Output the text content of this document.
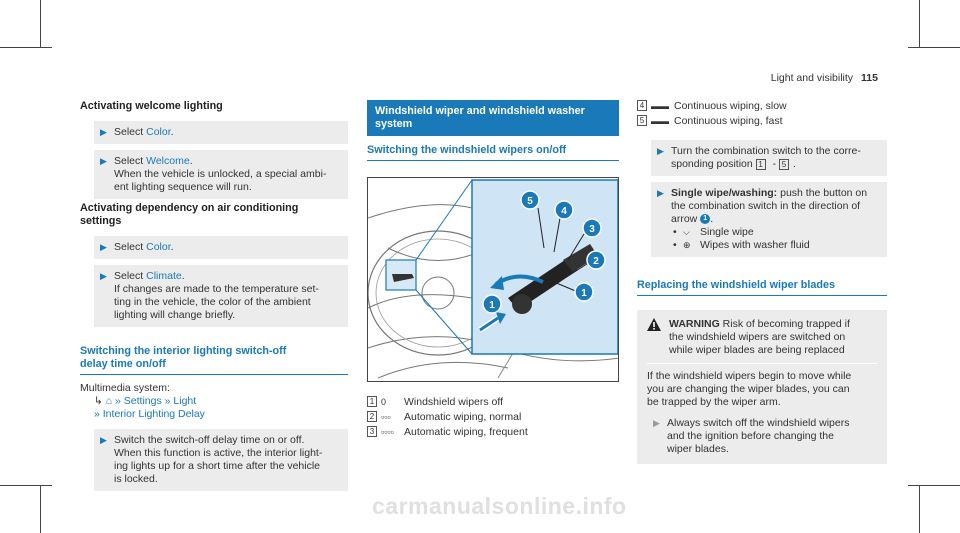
Light and visibility 115
Activating welcome lighting
▶ Select Color.
▶ Select Welcome.
When the vehicle is unlocked, a special ambi-
ent lighting sequence will run.
Activating dependency on air conditioning
settings
▶ Select Color.
▶ Select Climate.
If changes are made to the temperature set-
ting in the vehicle, the color of the ambient
lighting will change briefly.
Switching the interior lighting switch-off
delay time on/off
Multimedia system:
↳ ⌂ » Settings » Light
» Interior Lighting Delay
▶ Switch the switch-off delay time on or off.
When this function is active, the interior light-
ing lights up for a short time after the vehicle
is locked.
Windshield wiper and windshield washer
system
Switching the windshield wipers on/off
5
4
3
2
1
1
1 0	Windshield wipers off
2 ▫▫▫	Automatic wiping, normal
3 ▫▫▫▫ Automatic wiping, frequent
4 ▬▬ Continuous wiping, slow
5 ▬▬ Continuous wiping, fast
▶ Turn the combination switch to the corre-
sponding position 1 - 5 .
▶ Single wipe/washing: push the button on
the combination switch in the direction of
arrow 1 .
• ⌵ Single wipe
• ⊕ Wipes with washer fluid
Replacing the windshield wiper blades
WARNING Risk of becoming trapped if
the windshield wipers are switched on
while wiper blades are being replaced
If the windshield wipers begin to move while
you are changing the wiper blades, you can
be trapped by the wiper arm.
▶ Always switch off the windshield wipers
and the ignition before changing the
wiper blades.
carmanualsonline.info
